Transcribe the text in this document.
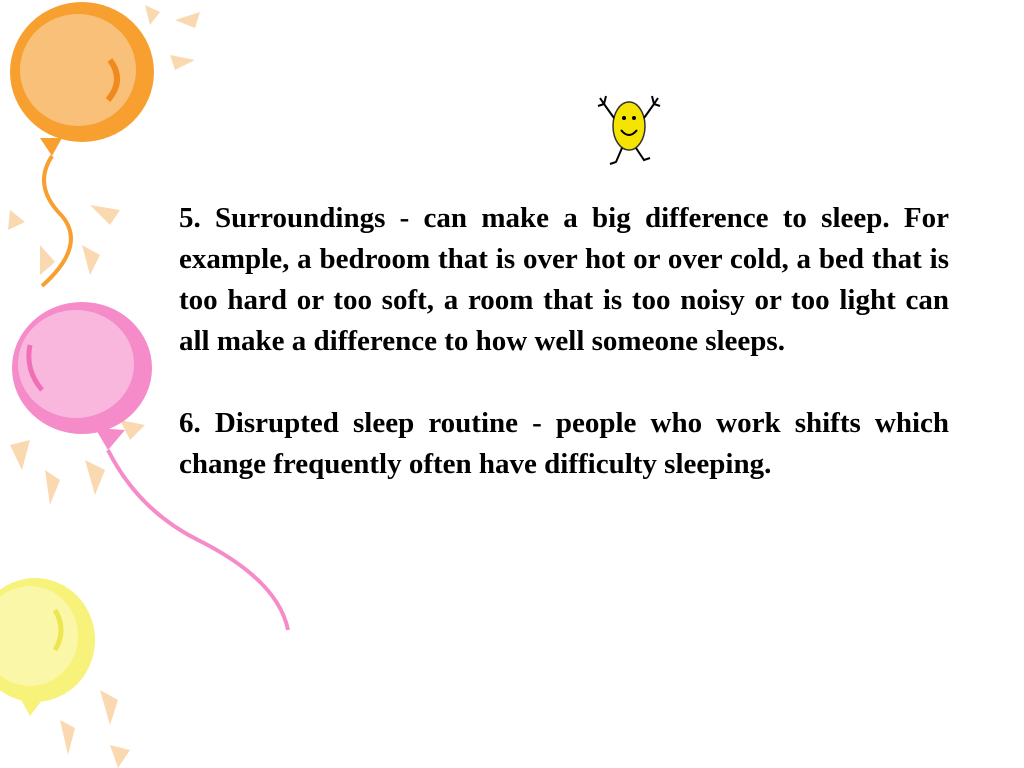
5. Surroundings - can make a big difference to sleep. For example, a bedroom that is over hot or over cold, a bed that is too hard or too soft, a room that is too noisy or too light can all make a difference to how well someone sleeps.

6. Disrupted sleep routine - people who work shifts which change frequently often have difficulty sleeping.
